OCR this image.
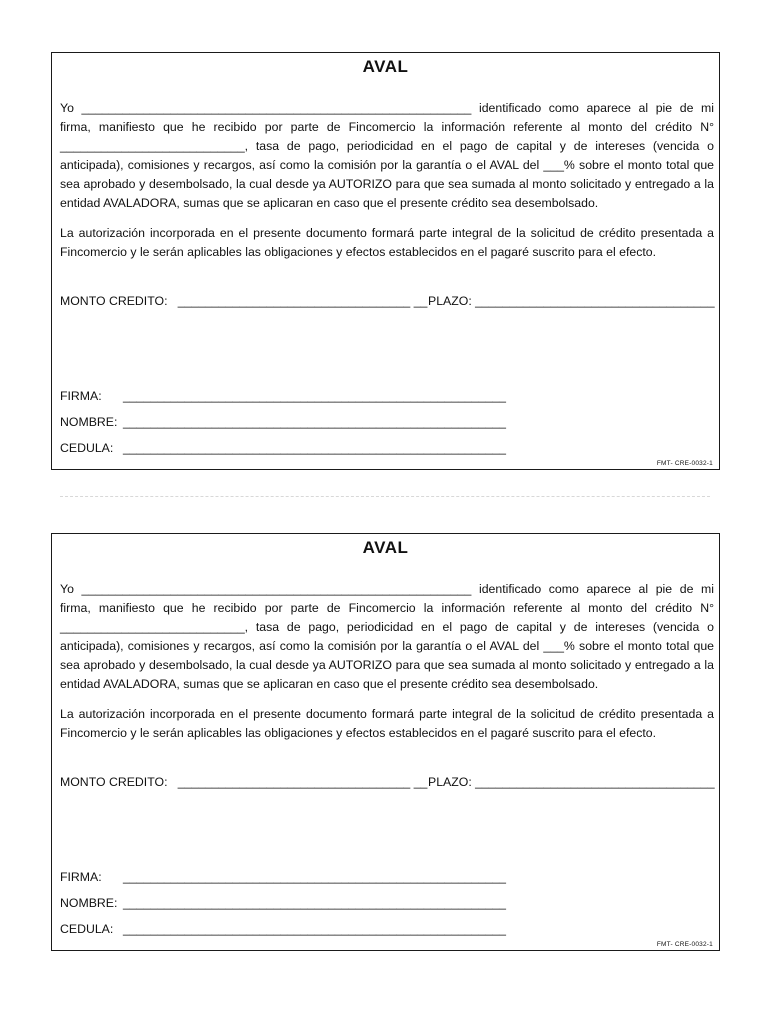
AVAL

Yo _________________________________________________________ identificado como aparece al pie de mi firma, manifiesto que he recibido por parte de Fincomercio la información referente al monto del crédito N° ___________________________, tasa de pago, periodicidad en el pago de capital y de intereses (vencida o anticipada), comisiones y recargos, así como la comisión por la garantía o el AVAL del ___% sobre el monto total que sea aprobado y desembolsado, la cual desde ya AUTORIZO para que sea sumada al monto solicitado y entregado a la entidad AVALADORA, sumas que se aplicaran en caso que el presente crédito sea desembolsado.

La autorización incorporada en el presente documento formará parte integral de la solicitud de crédito presentada a Fincomercio y le serán aplicables las obligaciones y efectos establecidos en el pagaré suscrito para el efecto.

MONTO CREDITO: __________________________________ __ PLAZO: ___________________________________
FIRMA: ________________________________________________________
NOMBRE: ________________________________________________________
CEDULA: ________________________________________________________
FMT- CRE-0032-1
AVAL

Yo _________________________________________________________ identificado como aparece al pie de mi firma, manifiesto que he recibido por parte de Fincomercio la información referente al monto del crédito N° ___________________________, tasa de pago, periodicidad en el pago de capital y de intereses (vencida o anticipada), comisiones y recargos, así como la comisión por la garantía o el AVAL del ___% sobre el monto total que sea aprobado y desembolsado, la cual desde ya AUTORIZO para que sea sumada al monto solicitado y entregado a la entidad AVALADORA, sumas que se aplicaran en caso que el presente crédito sea desembolsado.

La autorización incorporada en el presente documento formará parte integral de la solicitud de crédito presentada a Fincomercio y le serán aplicables las obligaciones y efectos establecidos en el pagaré suscrito para el efecto.

MONTO CREDITO: __________________________________ __ PLAZO: ___________________________________
FIRMA: ________________________________________________________
NOMBRE: ________________________________________________________
CEDULA: ________________________________________________________
FMT- CRE-0032-1
